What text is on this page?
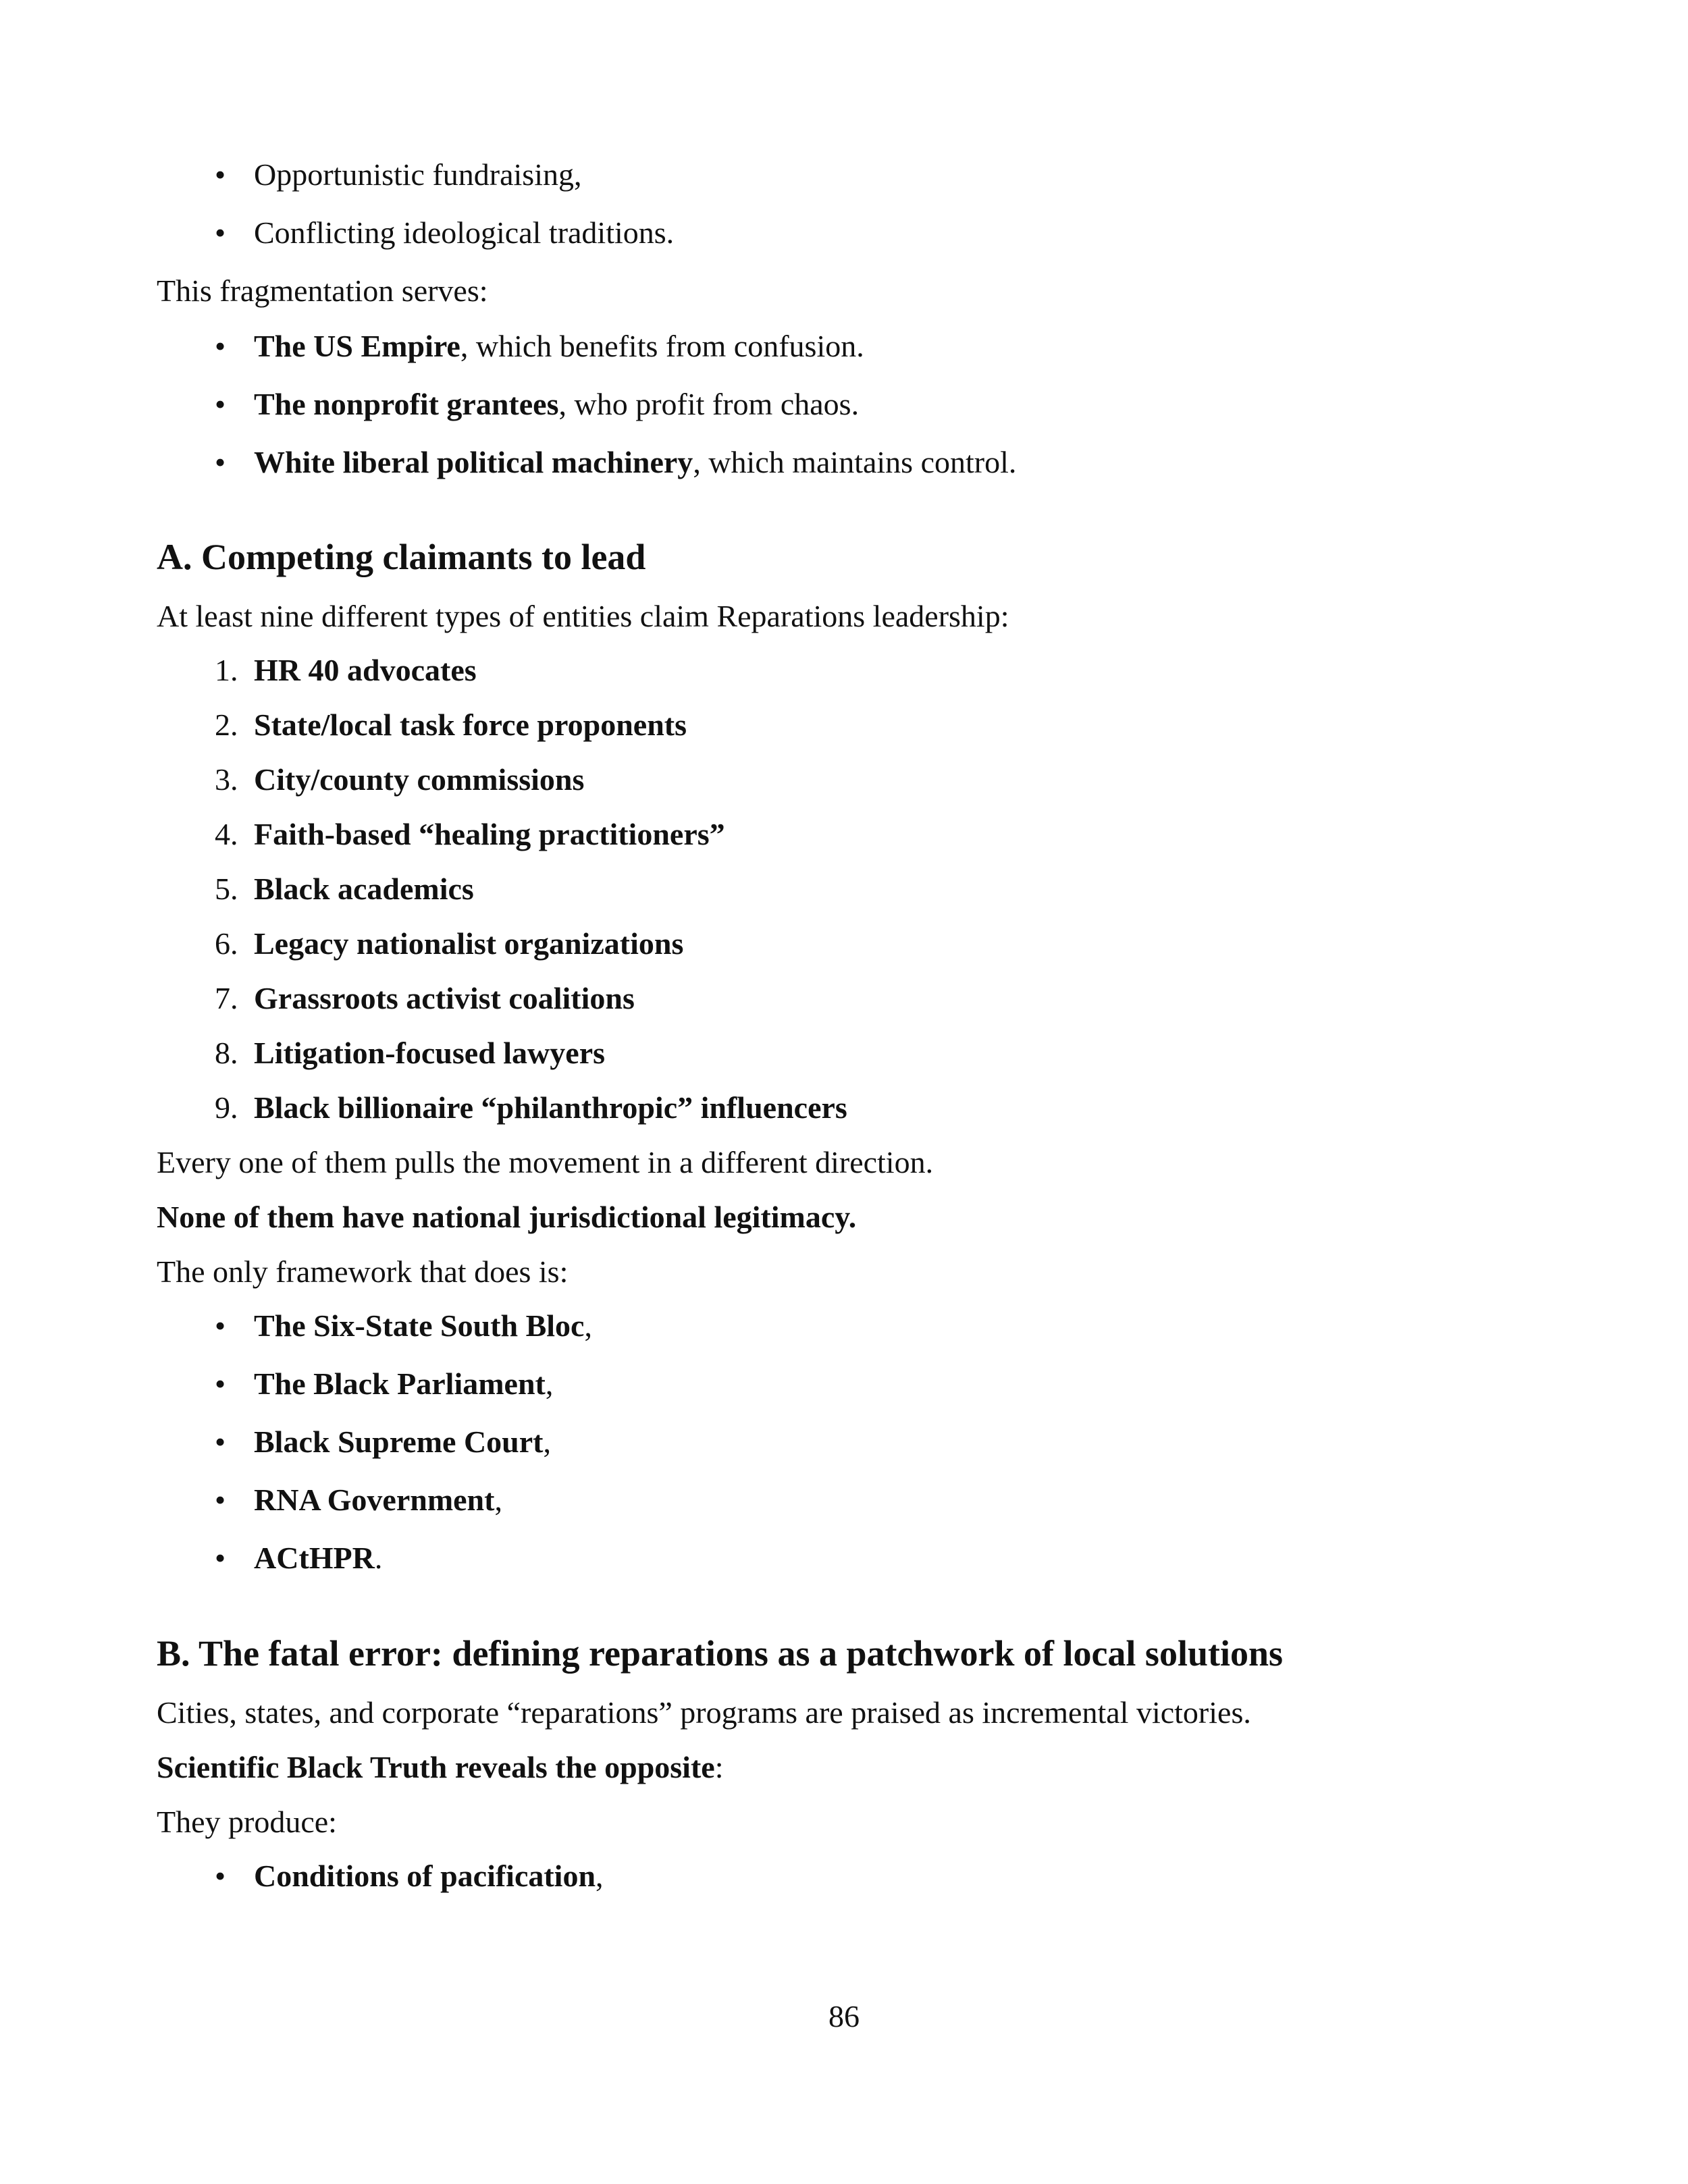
• Opportunistic fundraising,
• Conflicting ideological traditions.
This fragmentation serves:
• The US Empire, which benefits from confusion.
• The nonprofit grantees, who profit from chaos.
• White liberal political machinery, which maintains control.
A. Competing claimants to lead
At least nine different types of entities claim Reparations leadership:
1. HR 40 advocates
2. State/local task force proponents
3. City/county commissions
4. Faith-based “healing practitioners”
5. Black academics
6. Legacy nationalist organizations
7. Grassroots activist coalitions
8. Litigation-focused lawyers
9. Black billionaire “philanthropic” influencers
Every one of them pulls the movement in a different direction.
None of them have national jurisdictional legitimacy.
The only framework that does is:
• The Six-State South Bloc,
• The Black Parliament,
• Black Supreme Court,
• RNA Government,
• ACtHPR.
B. The fatal error: defining reparations as a patchwork of local solutions
Cities, states, and corporate “reparations” programs are praised as incremental victories.
Scientific Black Truth reveals the opposite:
They produce:
• Conditions of pacification,
86
